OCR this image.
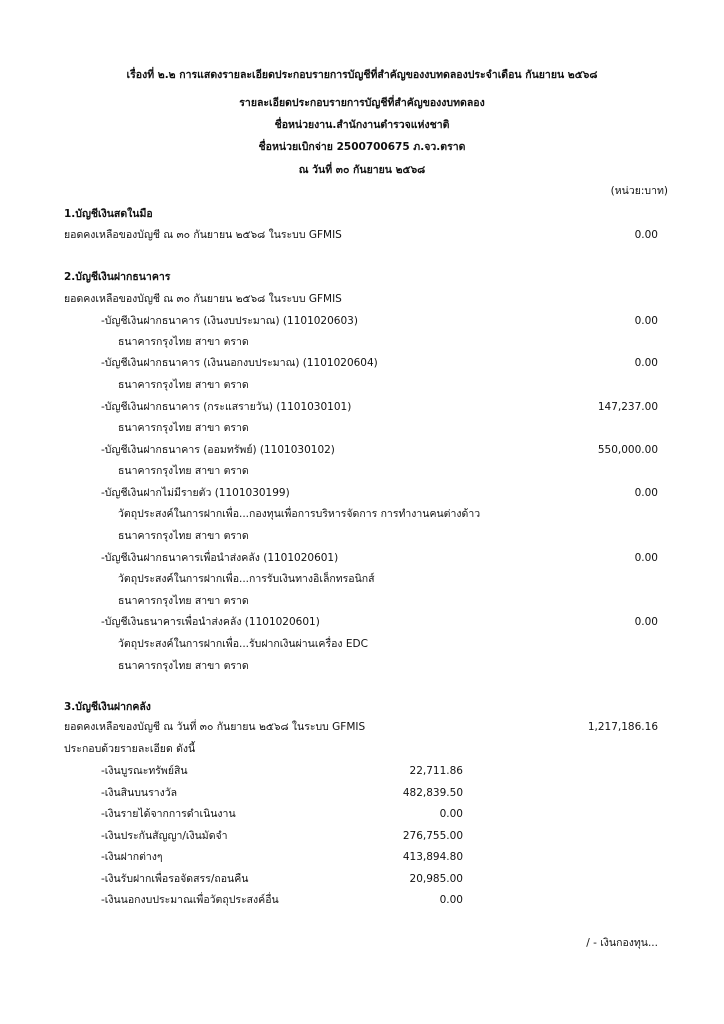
เรื่องที่ ๒.๒ การแสดงรายละเอียดประกอบรายการบัญชีที่สำคัญของงบทดลองประจำเดือน กันยายน ๒๕๖๘
รายละเอียดประกอบรายการบัญชีที่สำคัญของงบทดลอง
ชื่อหน่วยงาน.สำนักงานตำรวจแห่งชาติ
ชื่อหน่วยเบิกจ่าย 2500700675 ภ.จว.ตราด
ณ วันที่ ๓๐ กันยายน ๒๕๖๘
(หน่วย:บาท)
1.บัญชีเงินสดในมือ
ยอดคงเหลือของบัญชี ณ ๓๐ กันยายน ๒๕๖๘ ในระบบ GFMIS	0.00
2.บัญชีเงินฝากธนาคาร
ยอดคงเหลือของบัญชี ณ ๓๐ กันยายน ๒๕๖๘ ในระบบ GFMIS
-บัญชีเงินฝากธนาคาร (เงินงบประมาณ) (1101020603)	0.00
ธนาคารกรุงไทย สาขา ตราด
-บัญชีเงินฝากธนาคาร (เงินนอกงบประมาณ) (1101020604)	0.00
ธนาคารกรุงไทย สาขา ตราด
-บัญชีเงินฝากธนาคาร (กระแสรายวัน) (1101030101)	147,237.00
ธนาคารกรุงไทย สาขา ตราด
-บัญชีเงินฝากธนาคาร (ออมทรัพย์) (1101030102)	550,000.00
ธนาคารกรุงไทย สาขา ตราด
-บัญชีเงินฝากไม่มีรายตัว (1101030199)	0.00
วัตถุประสงค์ในการฝากเพื่อ...กองทุนเพื่อการบริหารจัดการ การทำงานคนต่างด้าว
ธนาคารกรุงไทย สาขา ตราด
-บัญชีเงินฝากธนาคารเพื่อนำส่งคลัง (1101020601)	0.00
วัตถุประสงค์ในการฝากเพื่อ...การรับเงินทางอิเล็กทรอนิกส์
ธนาคารกรุงไทย สาขา ตราด
-บัญชีเงินธนาคารเพื่อนำส่งคลัง (1101020601)	0.00
วัตถุประสงค์ในการฝากเพื่อ...รับฝากเงินผ่านเครื่อง EDC
ธนาคารกรุงไทย สาขา ตราด
3.บัญชีเงินฝากคลัง
ยอดคงเหลือของบัญชี ณ วันที่ ๓๐ กันยายน ๒๕๖๘ ในระบบ GFMIS	1,217,186.16
ประกอบด้วยรายละเอียด ดังนี้
-เงินบูรณะทรัพย์สิน	22,711.86
-เงินสินบนรางวัล	482,839.50
-เงินรายได้จากการดำเนินงาน	0.00
-เงินประกันสัญญา/เงินมัดจำ	276,755.00
-เงินฝากต่างๆ	413,894.80
-เงินรับฝากเพื่อรอจัดสรร/ถอนคืน	20,985.00
-เงินนอกงบประมาณเพื่อวัตถุประสงค์อื่น	0.00
/ - เงินกองทุน...
